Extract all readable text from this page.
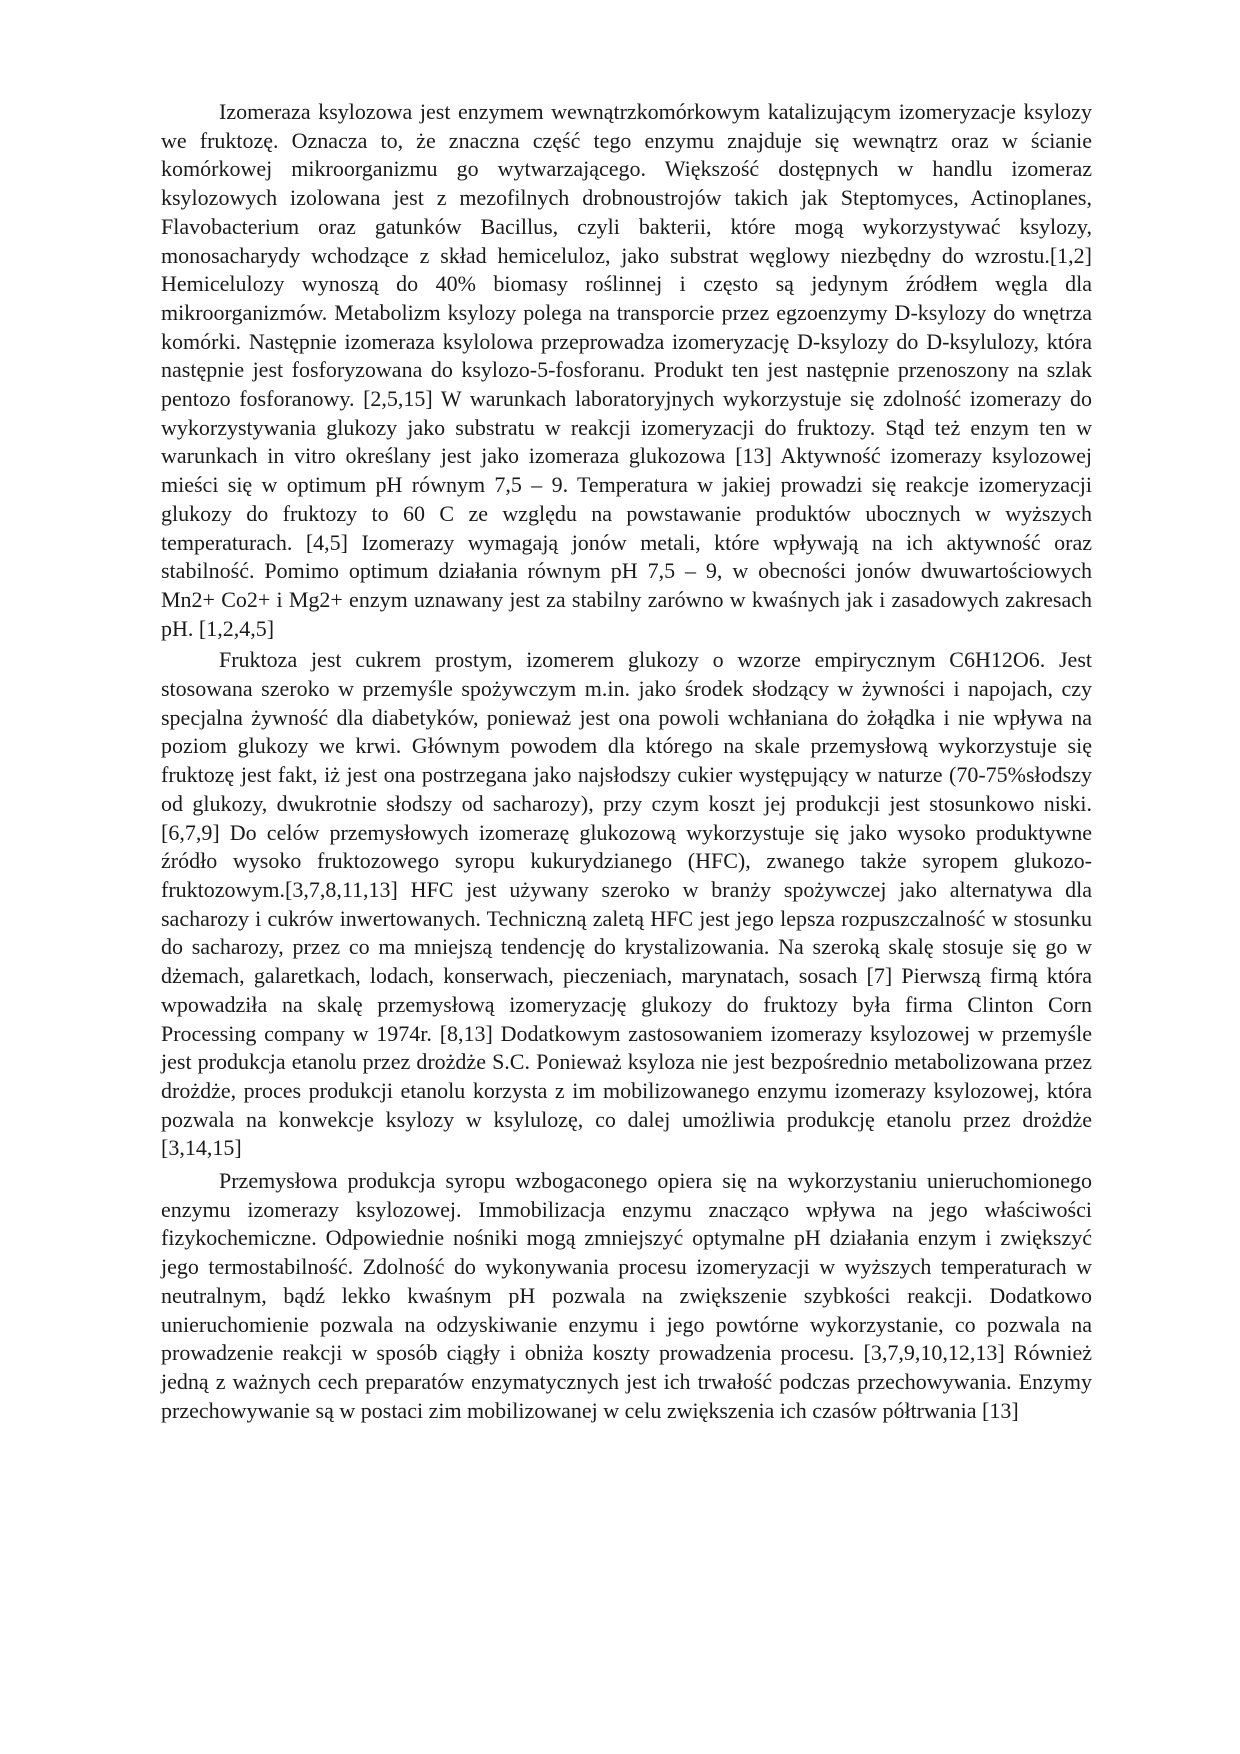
Izomeraza ksylozowa jest enzymem wewnątrzkomórkowym katalizującym izomeryzacje ksylozy we fruktozę. Oznacza to, że znaczna część tego enzymu znajduje się wewnątrz oraz w ścianie komórkowej mikroorganizmu go wytwarzającego. Większość dostępnych w handlu izomeraz ksylozowych izolowana jest z mezofilnych drobnoustrojów takich jak Steptomyces, Actinoplanes, Flavobacterium oraz gatunków Bacillus, czyli bakterii, które mogą wykorzystywać ksylozy, monosacharydy wchodzące z skład hemiceluloz, jako substrat węglowy niezbędny do wzrostu.[1,2] Hemicelulozy wynoszą do 40% biomasy roślinnej i często są jedynym źródłem węgla dla mikroorganizmów. Metabolizm ksylozy polega na transporcie przez egzoenzymy D-ksylozy do wnętrza komórki. Następnie izomeraza ksylolowa przeprowadza izomeryzację D-ksylozy do D-ksylulozy, która następnie jest fosforyzowana do ksylozo-5-fosforanu. Produkt ten jest następnie przenoszony na szlak pentozo fosforanowy. [2,5,15] W warunkach laboratoryjnych wykorzystuje się zdolność izomerazy do wykorzystywania glukozy jako substratu w reakcji izomeryzacji do fruktozy. Stąd też enzym ten w warunkach in vitro określany jest jako izomeraza glukozowa [13] Aktywność izomerazy ksylozowej mieści się w optimum pH równym 7,5 – 9. Temperatura w jakiej prowadzi się reakcje izomeryzacji glukozy do fruktozy to 60 C ze względu na powstawanie produktów ubocznych w wyższych temperaturach. [4,5] Izomerazy wymagają jonów metali, które wpływają na ich aktywność oraz stabilność. Pomimo optimum działania równym pH 7,5 – 9, w obecności jonów dwuwartościowych Mn2+ Co2+ i Mg2+ enzym uznawany jest za stabilny zarówno w kwaśnych jak i zasadowych zakresach pH. [1,2,4,5]

Fruktoza jest cukrem prostym, izomerem glukozy o wzorze empirycznym C6H12O6. Jest stosowana szeroko w przemyśle spożywczym m.in. jako środek słodzący w żywności i napojach, czy specjalna żywność dla diabetyków, ponieważ jest ona powoli wchłaniana do żołądka i nie wpływa na poziom glukozy we krwi. Głównym powodem dla którego na skale przemysłową wykorzystuje się fruktozę jest fakt, iż jest ona postrzegana jako najsłodszy cukier występujący w naturze (70-75%słodszy od glukozy, dwukrotnie słodszy od sacharozy), przy czym koszt jej produkcji jest stosunkowo niski.[6,7,9] Do celów przemysłowych izomerazę glukozową wykorzystuje się jako wysoko produktywne źródło wysoko fruktozowego syropu kukurydzianego (HFC), zwanego także syropem glukozo-fruktozowym.[3,7,8,11,13] HFC jest używany szeroko w branży spożywczej jako alternatywa dla sacharozy i cukrów inwertowanych. Techniczną zaletą HFC jest jego lepsza rozpuszczalność w stosunku do sacharozy, przez co ma mniejszą tendencję do krystalizowania. Na szeroką skalę stosuje się go w dżemach, galaretkach, lodach, konserwach, pieczeniach, marynatach, sosach [7] Pierwszą firmą która wpowadziła na skalę przemysłową izomeryzację glukozy do fruktozy była firma Clinton Corn Processing company w 1974r. [8,13] Dodatkowym zastosowaniem izomerazy ksylozowej w przemyśle jest produkcja etanolu przez drożdże S.C. Ponieważ ksyloza nie jest bezpośrednio metabolizowana przez drożdże, proces produkcji etanolu korzysta z im mobilizowanego enzymu izomerazy ksylozowej, która pozwala na konwekcje ksylozy w ksylulozę, co dalej umożliwia produkcję etanolu przez drożdże [3,14,15]

Przemysłowa produkcja syropu wzbogaconego opiera się na wykorzystaniu unieruchomionego enzymu izomerazy ksylozowej. Immobilizacja enzymu znacząco wpływa na jego właściwości fizykochemiczne. Odpowiednie nośniki mogą zmniejszyć optymalne pH działania enzym i zwiększyć jego termostabilność. Zdolność do wykonywania procesu izomeryzacji w wyższych temperaturach w neutralnym, bądź lekko kwaśnym pH pozwala na zwiększenie szybkości reakcji. Dodatkowo unieruchomienie pozwala na odzyskiwanie enzymu i jego powtórne wykorzystanie, co pozwala na prowadzenie reakcji w sposób ciągły i obniża koszty prowadzenia procesu. [3,7,9,10,12,13] Również jedną z ważnych cech preparatów enzymatycznych jest ich trwałość podczas przechowywania. Enzymy przechowywanie są w postaci zim mobilizowanej w celu zwiększenia ich czasów półtrwania [13]
